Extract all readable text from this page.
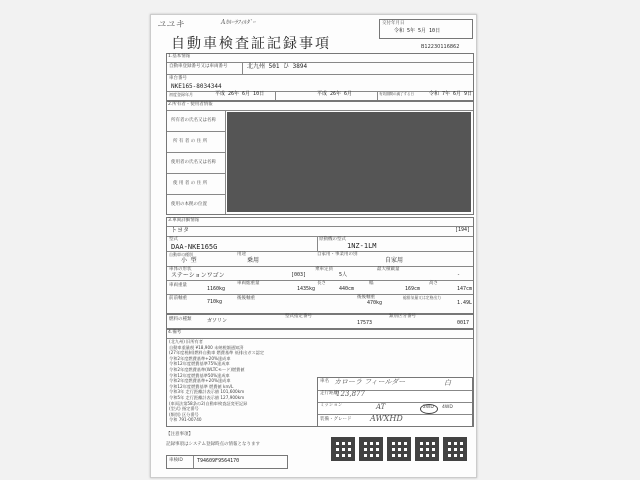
ユユキ	Aｶﾙｰﾗﾌｨﾙﾀﾞｰ	交付年月日
令和 5年 5月 10日
自動車検査証記録事項	B12230116862
1.基本情報
自動車登録番号又は車両番号	北九州 501 ひ 3894
車台番号
NKE165-8034344
初度登録年月	平成 26年 6月 10日	平成 26年 6月	有効期間の満了する日	令和 7年 6月 9日
2.所有者・使用者情報
所有者の氏名又は名称
所 有 者 の 住 所
使用者の氏名又は名称
使 用 者 の 住 所
使用の本拠の位置
3.車両詳細情報
トヨタ	[194]
型式
DAA-NKE165G
原動機の型式
1NZ-1LM
自動車の種別
小 型
用途
乗用
自家用・事業用の別
自家用
車体の形状
ステーションワゴン	[003]
乗車定員
5人
最大積載量
-
車両重量
1160kg
車両総重量
1435kg
長さ
440cm
幅
169cm
高さ
147cm
前前軸重
710kg
後後軸重	後後軸重
470kg
総排気量又は定格出力
1.49L
燃料の種類	ガソリン
型式指定番号
17573
類別区分番号
0017
4.備考
(北九州) 旧所有者
自動車重量税 ¥18,900 未納税額通知済
(27年度税制)燃料自動車 燃費基準 低排出ガス認定
令和2年度燃費基準+20%達成車
令和12年度燃費基準75%達成車
令和2年度燃費基準(WLTCモード)燃費値
令和12年度燃費基準50%達成車
令和2年度燃費基準+20%達成車
令和12年度燃費基準 燃費値 km/L
令和3年 走行距離計表示値 101,600km
令和5年 走行距離計表示値 127,900km
(車両法第58条の2)自動車検査証変更記録
(型式) 指定番号
(類別) 区分番号
令和 791-00740
車名 カローラ フィールダー	白
走行距離
123,877
ミッション	AT	2WD 4WD
装備・グレード AWXHD
【注意事項】
記録事項はシステム登録時点の情報となります
車検ID	T94609F9564170
